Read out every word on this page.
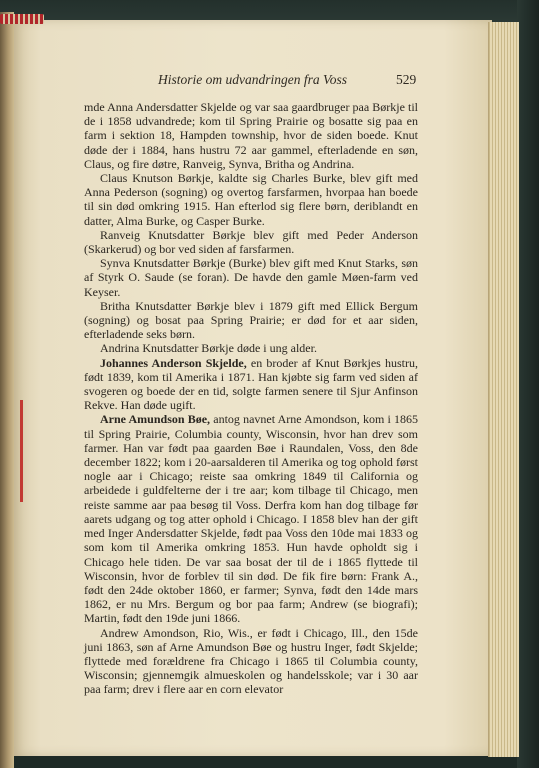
Historie om udvandringen fra Voss	529

mde Anna Andersdatter Skjelde og var saa gaardbruger paa Børkje til de i 1858 udvandrede; kom til Spring Prairie og bosatte sig paa en farm i sektion 18, Hampden township, hvor de siden boede. Knut døde der i 1884, hans hustru 72 aar gammel, efterladende en søn, Claus, og fire døtre, Ranveig, Synva, Britha og Andrina.

Claus Knutson Børkje, kaldte sig Charles Burke, blev gift med Anna Pederson (sogning) og overtog farsfarmen, hvorpaa han boede til sin død omkring 1915. Han efterlod sig flere børn, deriblandt en datter, Alma Burke, og Casper Burke.

Ranveig Knutsdatter Børkje blev gift med Peder Anderson (Skarkerud) og bor ved siden af farsfarmen.

Synva Knutsdatter Børkje (Burke) blev gift med Knut Starks, søn af Styrk O. Saude (se foran). De havde den gamle Møen-farm ved Keyser.

Britha Knutsdatter Børkje blev i 1879 gift med Ellick Bergum (sogning) og bosat paa Spring Prairie; er død for et aar siden, efterladende seks børn.

Andrina Knutsdatter Børkje døde i ung alder.

Johannes Anderson Skjelde, en broder af Knut Børkjes hustru, født 1839, kom til Amerika i 1871. Han kjøbte sig farm ved siden af svogeren og boede der en tid, solgte farmen senere til Sjur Anfinson Rekve. Han døde ugift.

Arne Amundson Bøe, antog navnet Arne Amondson, kom i 1865 til Spring Prairie, Columbia county, Wisconsin, hvor han drev som farmer. Han var født paa gaarden Bøe i Raundalen, Voss, den 8de december 1822; kom i 20-aarsalderen til Amerika og tog ophold først nogle aar i Chicago; reiste saa omkring 1849 til California og arbeidede i guldfelterne der i tre aar; kom tilbage til Chicago, men reiste samme aar paa besøg til Voss. Derfra kom han dog tilbage før aarets udgang og tog atter ophold i Chicago. I 1858 blev han der gift med Inger Andersdatter Skjelde, født paa Voss den 10de mai 1833 og som kom til Amerika omkring 1853. Hun havde opholdt sig i Chicago hele tiden. De var saa bosat der til de i 1865 flyttede til Wisconsin, hvor de forblev til sin død. De fik fire børn: Frank A., født den 24de oktober 1860, er farmer; Synva, født den 14de mars 1862, er nu Mrs. Bergum og bor paa farm; Andrew (se biografi); Martin, født den 19de juni 1866.

Andrew Amondson, Rio, Wis., er født i Chicago, Ill., den 15de juni 1863, søn af Arne Amundson Bøe og hustru Inger, født Skjelde; flyttede med forældrene fra Chicago i 1865 til Columbia county, Wisconsin; gjennemgik almueskolen og handelsskole; var i 30 aar paa farm; drev i flere aar en corn elevator
